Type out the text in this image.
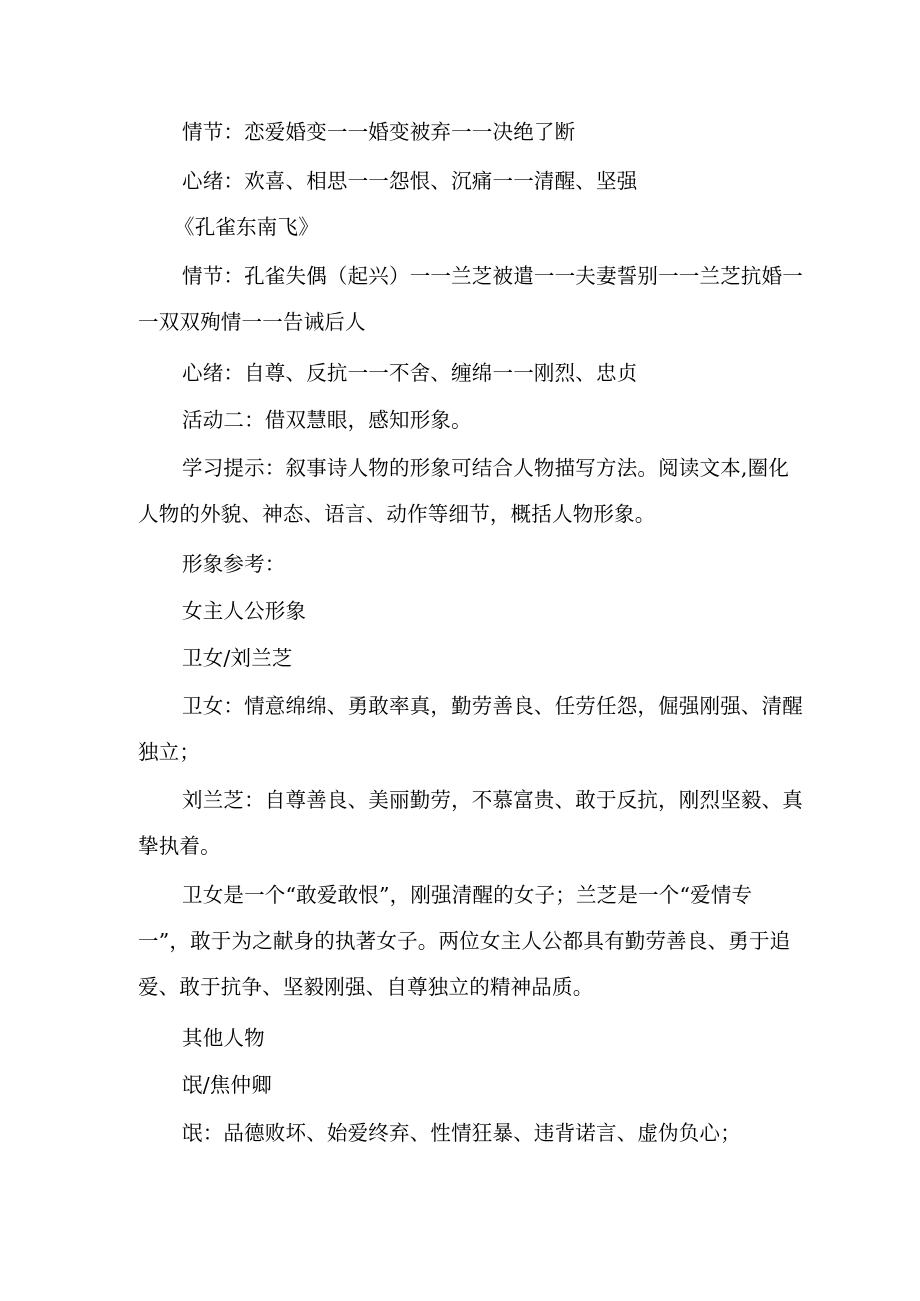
情节：恋爱婚变一一婚变被弃一一决绝了断
心绪：欢喜、相思一一怨恨、沉痛一一清醒、坚强
《孔雀东南飞》
情节：孔雀失偶（起兴）一一兰芝被遣一一夫妻誓别一一兰芝抗婚一
一双双殉情一一告诫后人
心绪：自尊、反抗一一不舍、缠绵一一刚烈、忠贞
活动二：借双慧眼，感知形象。
学习提示：叙事诗人物的形象可结合人物描写方法。阅读文本,圈化
人物的外貌、神态、语言、动作等细节，概括人物形象。
形象参考：
女主人公形象
卫女/刘兰芝
卫女：情意绵绵、勇敢率真，勤劳善良、任劳任怨，倔强刚强、清醒
独立；
刘兰芝：自尊善良、美丽勤劳，不慕富贵、敢于反抗，刚烈坚毅、真
挚执着。
卫女是一个“敢爱敢恨”，刚强清醒的女子；兰芝是一个“爱情专
一”，敢于为之献身的执著女子。两位女主人公都具有勤劳善良、勇于追
爱、敢于抗争、坚毅刚强、自尊独立的精神品质。
其他人物
氓/焦仲卿
氓：品德败坏、始爱终弃、性情狂暴、违背诺言、虚伪负心；
